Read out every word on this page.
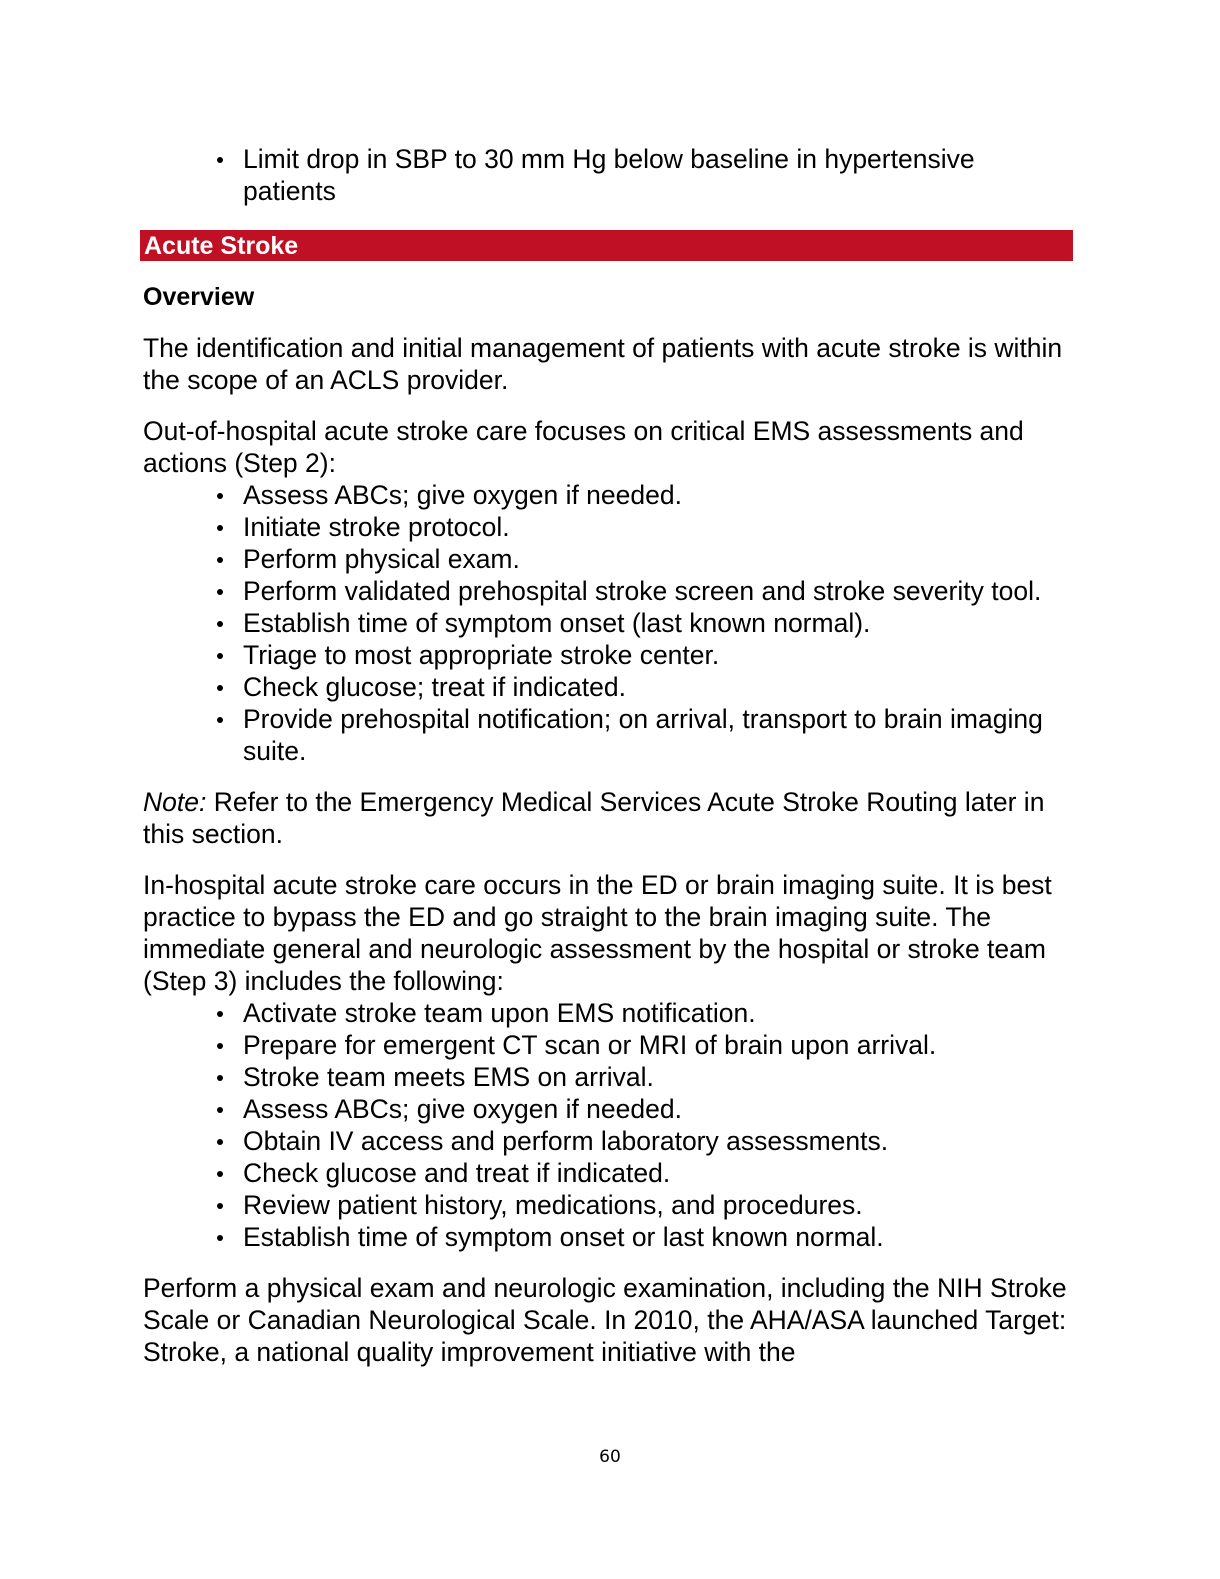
Limit drop in SBP to 30 mm Hg below baseline in hypertensive patients
Acute Stroke
Overview

The identification and initial management of patients with acute stroke is within the scope of an ACLS provider.

Out-of-hospital acute stroke care focuses on critical EMS assessments and actions (Step 2):

Assess ABCs; give oxygen if needed.
Initiate stroke protocol.
Perform physical exam.
Perform validated prehospital stroke screen and stroke severity tool.
Establish time of symptom onset (last known normal).
Triage to most appropriate stroke center.
Check glucose; treat if indicated.
Provide prehospital notification; on arrival, transport to brain imaging suite.

Note: Refer to the Emergency Medical Services Acute Stroke Routing later in this section.

In-hospital acute stroke care occurs in the ED or brain imaging suite. It is best practice to bypass the ED and go straight to the brain imaging suite. The immediate general and neurologic assessment by the hospital or stroke team (Step 3) includes the following:

Activate stroke team upon EMS notification.
Prepare for emergent CT scan or MRI of brain upon arrival.
Stroke team meets EMS on arrival.
Assess ABCs; give oxygen if needed.
Obtain IV access and perform laboratory assessments.
Check glucose and treat if indicated.
Review patient history, medications, and procedures.
Establish time of symptom onset or last known normal.

Perform a physical exam and neurologic examination, including the NIH Stroke Scale or Canadian Neurological Scale. In 2010, the AHA/ASA launched Target: Stroke, a national quality improvement initiative with the

60
